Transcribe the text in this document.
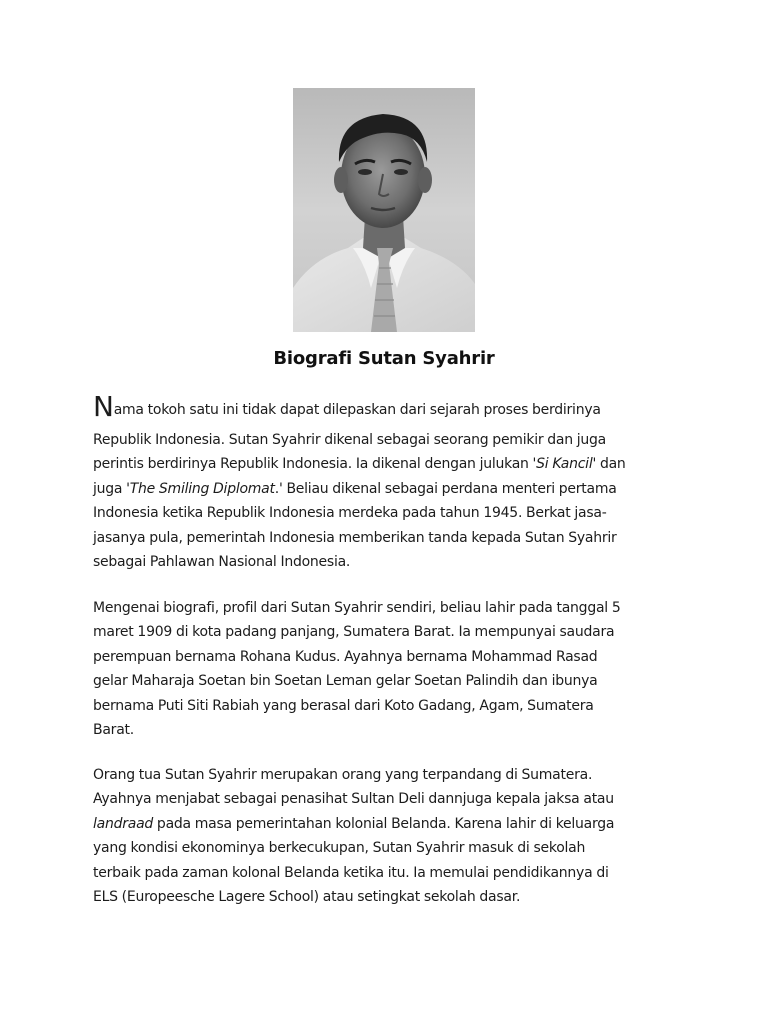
Biografi Sutan Syahrir
Nama tokoh satu ini tidak dapat dilepaskan dari sejarah proses berdirinya
Republik Indonesia. Sutan Syahrir dikenal sebagai seorang pemikir dan juga
perintis berdirinya Republik Indonesia. Ia dikenal dengan julukan 'Si Kancil' dan
juga 'The Smiling Diplomat.' Beliau dikenal sebagai perdana menteri pertama
Indonesia ketika Republik Indonesia merdeka pada tahun 1945. Berkat jasa-
jasanya pula, pemerintah Indonesia memberikan tanda kepada Sutan Syahrir
sebagai Pahlawan Nasional Indonesia.
Mengenai biografi, profil dari Sutan Syahrir sendiri, beliau lahir pada tanggal 5
maret 1909 di kota padang panjang, Sumatera Barat. Ia mempunyai saudara
perempuan bernama Rohana Kudus. Ayahnya bernama Mohammad Rasad
gelar Maharaja Soetan bin Soetan Leman gelar Soetan Palindih dan ibunya
bernama Puti Siti Rabiah yang berasal dari Koto Gadang, Agam, Sumatera
Barat.
Orang tua Sutan Syahrir merupakan orang yang terpandang di Sumatera.
Ayahnya menjabat sebagai penasihat Sultan Deli dannjuga kepala jaksa atau
landraad pada masa pemerintahan kolonial Belanda. Karena lahir di keluarga
yang kondisi ekonominya berkecukupan, Sutan Syahrir masuk di sekolah
terbaik pada zaman kolonal Belanda ketika itu. Ia memulai pendidikannya di
ELS (Europeesche Lagere School) atau setingkat sekolah dasar.
